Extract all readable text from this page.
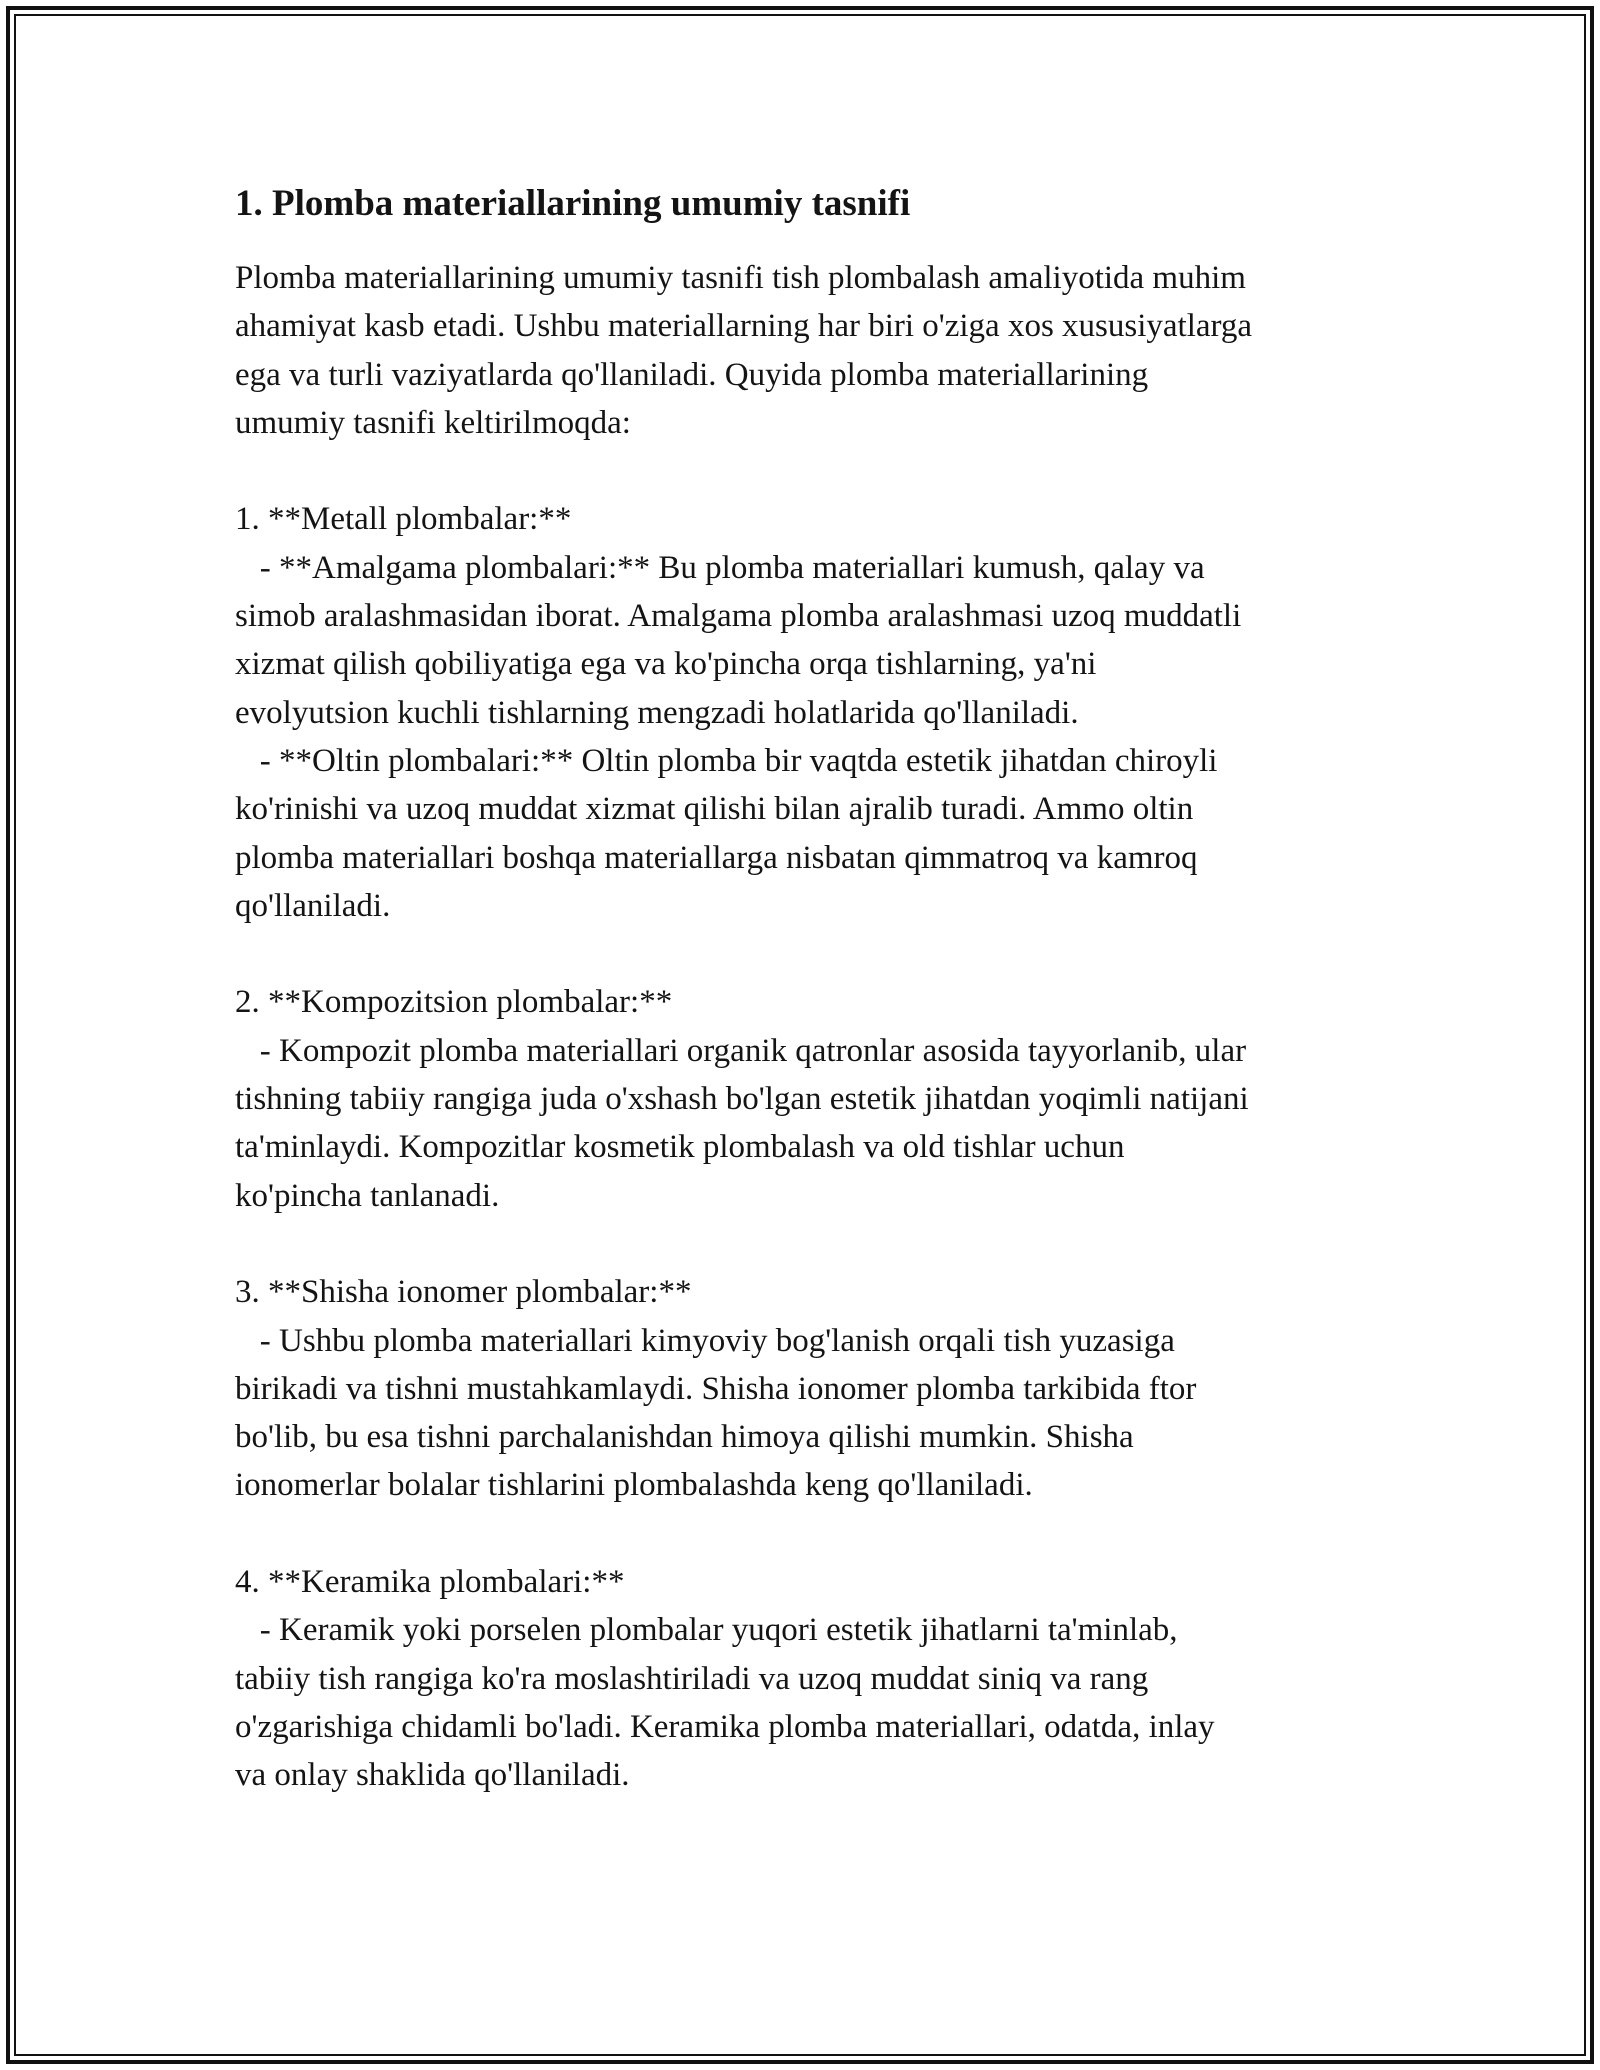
1. Plomba materiallarining umumiy tasnifi
Plomba materiallarining umumiy tasnifi tish plombalash amaliyotida muhim
ahamiyat kasb etadi. Ushbu materiallarning har biri o'ziga xos xususiyatlarga
ega va turli vaziyatlarda qo'llaniladi. Quyida plomba materiallarining
umumiy tasnifi keltirilmoqda:
1. **Metall plombalar:**
- **Amalgama plombalari:** Bu plomba materiallari kumush, qalay va
simob aralashmasidan iborat. Amalgama plomba aralashmasi uzoq muddatli
xizmat qilish qobiliyatiga ega va ko'pincha orqa tishlarning, ya'ni
evolyutsion kuchli tishlarning mengzadi holatlarida qo'llaniladi.
- **Oltin plombalari:** Oltin plomba bir vaqtda estetik jihatdan chiroyli
ko'rinishi va uzoq muddat xizmat qilishi bilan ajralib turadi. Ammo oltin
plomba materiallari boshqa materiallarga nisbatan qimmatroq va kamroq
qo'llaniladi.
2. **Kompozitsion plombalar:**
- Kompozit plomba materiallari organik qatronlar asosida tayyorlanib, ular
tishning tabiiy rangiga juda o'xshash bo'lgan estetik jihatdan yoqimli natijani
ta'minlaydi. Kompozitlar kosmetik plombalash va old tishlar uchun
ko'pincha tanlanadi.
3. **Shisha ionomer plombalar:**
- Ushbu plomba materiallari kimyoviy bog'lanish orqali tish yuzasiga
birikadi va tishni mustahkamlaydi. Shisha ionomer plomba tarkibida ftor
bo'lib, bu esa tishni parchalanishdan himoya qilishi mumkin. Shisha
ionomerlar bolalar tishlarini plombalashda keng qo'llaniladi.
4. **Keramika plombalari:**
- Keramik yoki porselen plombalar yuqori estetik jihatlarni ta'minlab,
tabiiy tish rangiga ko'ra moslashtiriladi va uzoq muddat siniq va rang
o'zgarishiga chidamli bo'ladi. Keramika plomba materiallari, odatda, inlay
va onlay shaklida qo'llaniladi.
